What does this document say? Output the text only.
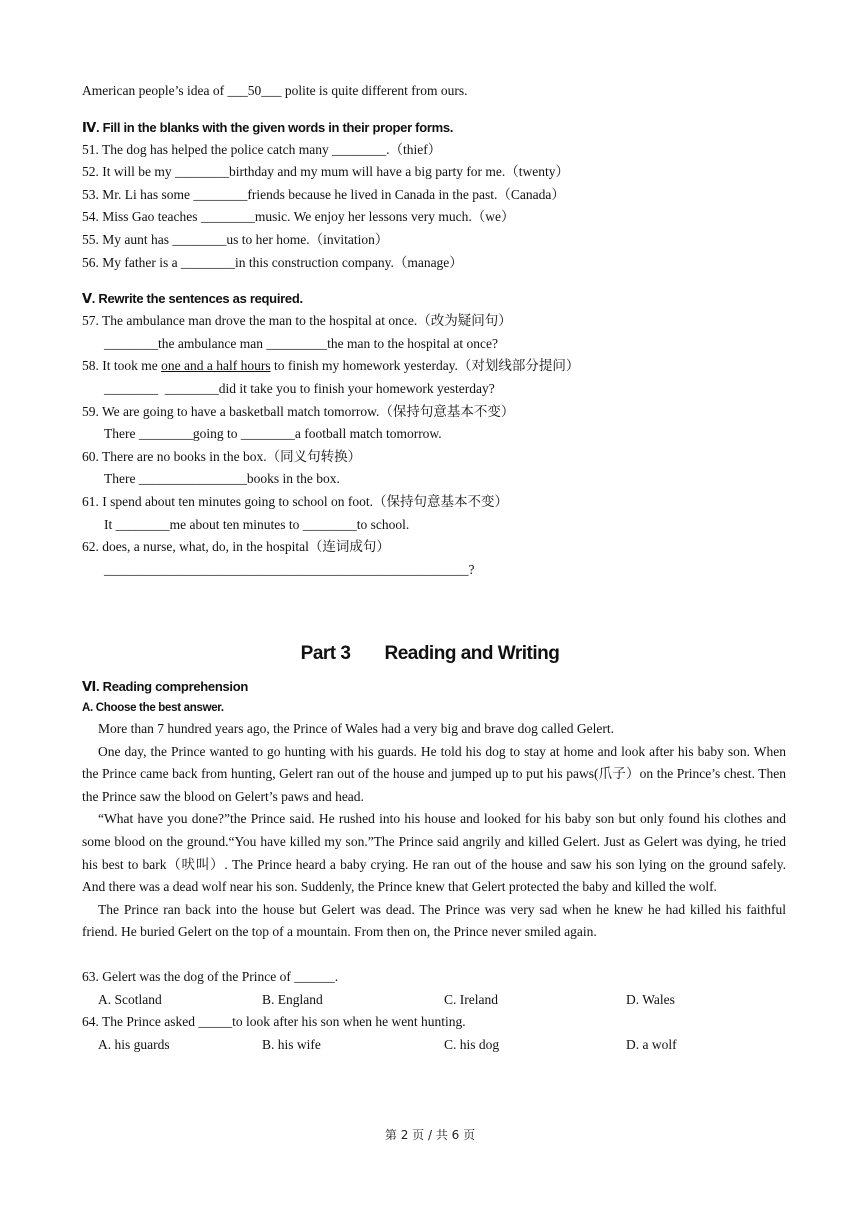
American people’s idea of ___50___ polite is quite different from ours.
Ⅳ. Fill in the blanks with the given words in their proper forms.
51. The dog has helped the police catch many ________.（thief）
52. It will be my ________birthday and my mum will have a big party for me.（twenty）
53. Mr. Li has some ________friends because he lived in Canada in the past.（Canada）
54. Miss Gao teaches ________music. We enjoy her lessons very much.（we）
55. My aunt has ________us to her home.（invitation）
56. My father is a ________in this construction company.（manage）
Ⅴ. Rewrite the sentences as required.
57. The ambulance man drove the man to the hospital at once.（改为疑问句）
________the ambulance man _________the man to the hospital at once?
58. It took me one and a half hours to finish my homework yesterday.（对划线部分提问）
________  ________did it take you to finish your homework yesterday?
59. We are going to have a basketball match tomorrow.（保持句意基本不变）
There ________going to ________a football match tomorrow.
60. There are no books in the box.（同义句转换）
There ________________books in the box.
61. I spend about ten minutes going to school on foot.（保持句意基本不变）
It ________me about ten minutes to ________to school.
62. does, a nurse, what, do, in the hospital（连词成句）
______________________________________________________?
Part 3 Reading and Writing
Ⅵ. Reading comprehension
A. Choose the best answer.
More than 7 hundred years ago, the Prince of Wales had a very big and brave dog called Gelert.
One day, the Prince wanted to go hunting with his guards. He told his dog to stay at home and look after his baby son. When the Prince came back from hunting, Gelert ran out of the house and jumped up to put his paws(爪子）on the Prince’s chest. Then the Prince saw the blood on Gelert’s paws and head.
“What have you done?”the Prince said. He rushed into his house and looked for his baby son but only found his clothes and some blood on the ground.“You have killed my son.”The Prince said angrily and killed Gelert. Just as Gelert was dying, he tried his best to bark（吠叫）. The Prince heard a baby crying. He ran out of the house and saw his son lying on the ground safely. And there was a dead wolf near his son. Suddenly, the Prince knew that Gelert protected the baby and killed the wolf.
The Prince ran back into the house but Gelert was dead. The Prince was very sad when he knew he had killed his faithful friend. He buried Gelert on the top of a mountain. From then on, the Prince never smiled again.
63. Gelert was the dog of the Prince of ______.
A. Scotland	B. England	C. Ireland	D. Wales
64. The Prince asked _____to look after his son when he went hunting.
A. his guards	B. his wife	C. his dog	D. a wolf
第 2 页 / 共 6 页
